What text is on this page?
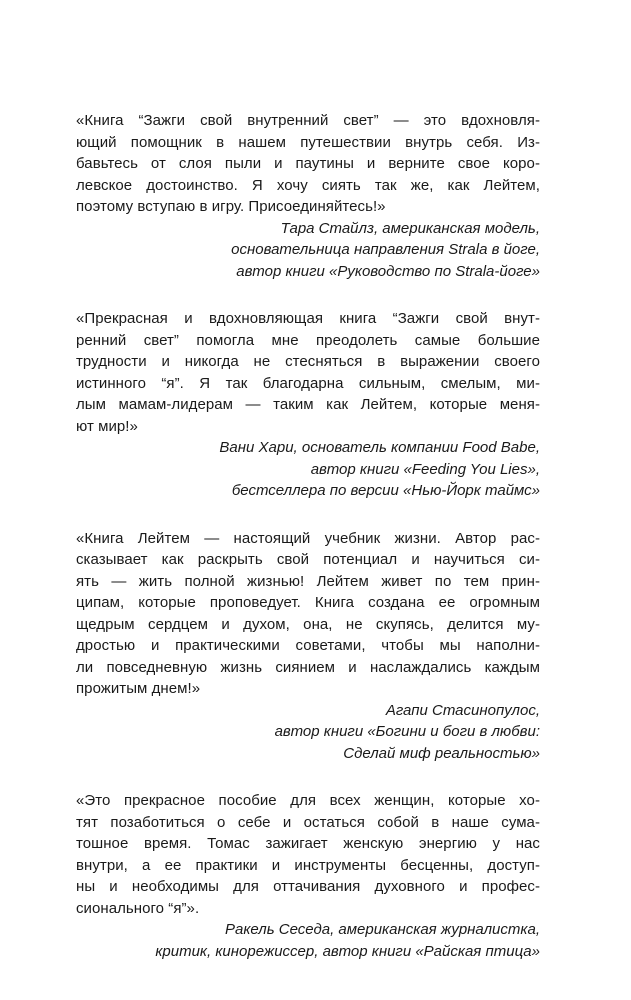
«Книга “Зажги свой внутренний свет” — это вдохновля-
ющий помощник в нашем путешествии внутрь себя. Из-
бавьтесь от слоя пыли и паутины и верните свое коро-
левское достоинство. Я хочу сиять так же, как Лейтем,
поэтому вступаю в игру. Присоединяйтесь!»

Тара Стайлз, американская модель,
основательница направления Strala в йоге,
автор книги «Руководство по Strala-йоге»

«Прекрасная и вдохновляющая книга “Зажги свой внут-
ренний свет” помогла мне преодолеть самые большие
трудности и никогда не стесняться в выражении своего
истинного “я”. Я так благодарна сильным, смелым, ми-
лым мамам-лидерам — таким как Лейтем, которые меня-
ют мир!»

Вани Хари, основатель компании Food Babe,
автор книги «Feeding You Lies»,
бестселлера по версии «Нью-Йорк таймс»

«Книга Лейтем — настоящий учебник жизни. Автор рас-
сказывает как раскрыть свой потенциал и научиться си-
ять — жить полной жизнью! Лейтем живет по тем прин-
ципам, которые проповедует. Книга создана ее огромным
щедрым сердцем и духом, она, не скупясь, делится му-
дростью и практическими советами, чтобы мы наполни-
ли повседневную жизнь сиянием и наслаждались каждым
прожитым днем!»

Агапи Стасинопулос,
автор книги «Богини и боги в любви:
Сделай миф реальностью»

«Это прекрасное пособие для всех женщин, которые хо-
тят позаботиться о себе и остаться собой в наше сума-
тошное время. Томас зажигает женскую энергию у нас
внутри, а ее практики и инструменты бесценны, доступ-
ны и необходимы для оттачивания духовного и профес-
сионального “я”».

Ракель Сеседа, американская журналистка,
критик, кинорежиссер, автор книги «Райская птица»
